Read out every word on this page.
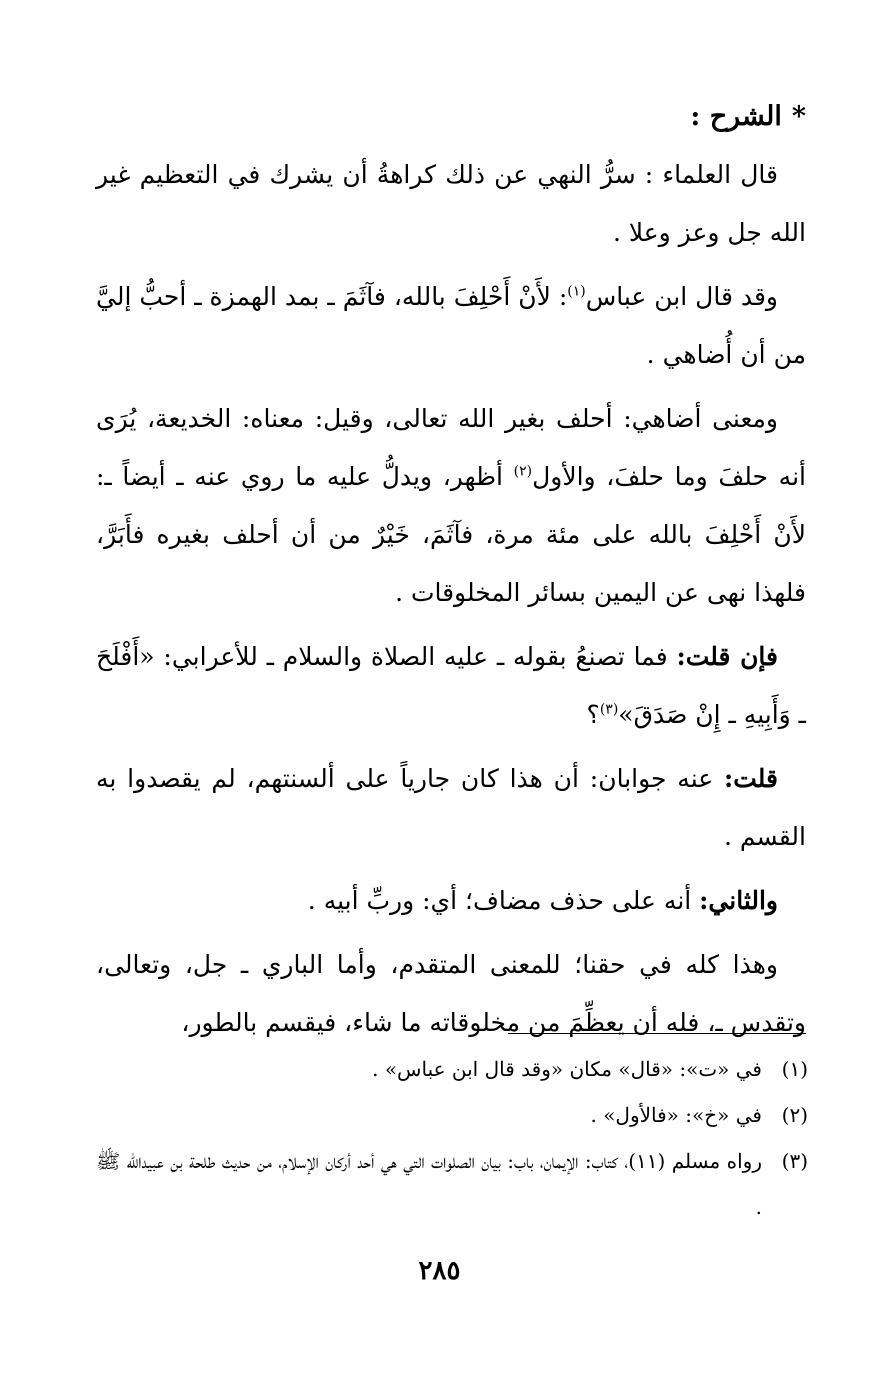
*الشرح :

قال العلماء : سرُّ النهي عن ذلك كراهةُ أن يشرك في التعظيم غير الله جل وعز وعلا .

وقد قال ابن عباس$^{(١)}$: لأَنْ أَحْلِفَ بالله، فآثَمَ ـ بمد الهمزة ـ أحبُّ إليَّ من أن أُضاهي .

ومعنى أضاهي: أحلف بغير الله تعالى، وقيل: معناه: الخديعة، يُرَى أنه حلفَ وما حلفَ، والأول$^{(٢)}$ أظهر، ويدلُّ عليه ما روي عنه ـ أيضاً ـ: لأَنْ أَحْلِفَ بالله على مئة مرة، فآثَمَ، خَيْرٌ من أن أحلف بغيره فأَبَرَّ، فلهذا نهى عن اليمين بسائر المخلوقات .

فإن قلت: فما تصنعُ بقوله ـ عليه الصلاة والسلام ـ للأعرابي: «أَفْلَحَ ـ وَأَبِيهِ ـ إِنْ صَدَقَ»$^{(٣)}$؟

قلت: عنه جوابان: أن هذا كان جارياً على ألسنتهم، لم يقصدوا به القسم .

والثاني: أنه على حذف مضاف؛ أي: وربِّ أبيه .

وهذا كله في حقنا؛ للمعنى المتقدم، وأما الباري ـ جل، وتعالى، وتقدس ـ، فله أن يعظِّمَ من مخلوقاته ما شاء، فيقسم بالطور،

(١)
في «ت»: «قال» مكان «وقد قال ابن عباس» .
(٢)
في «خ»: «فالأول» .
(٣)
رواه مسلم (١١)، كتاب: الإيمان، باب: بيان الصلوات التي هي أحد أركان الإسلام، من حديث طلحة بن عبيدالله ﷺ .
٢٨٥
